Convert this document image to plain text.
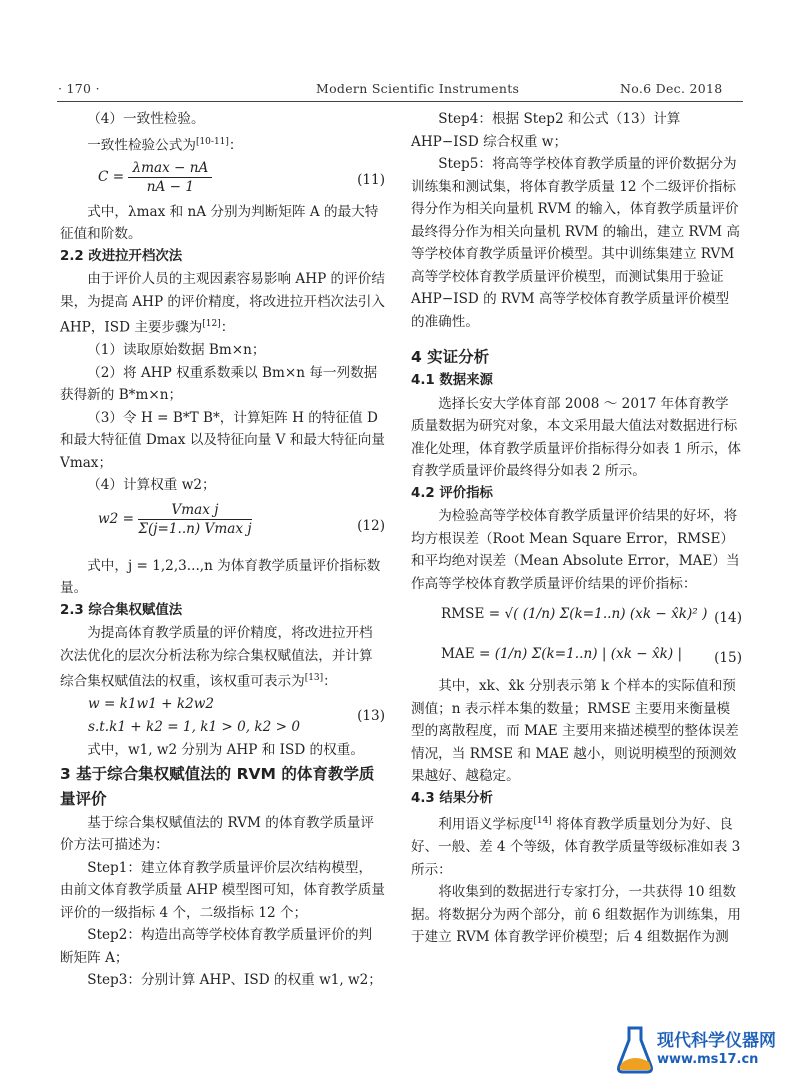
· 170 ·	Modern Scientific Instruments	No.6 Dec. 2018

（4）一致性检验。

一致性检验公式为[10-11]：

$C = \frac{\lambda\max - nA}{nA - 1}$	(11)

式中，λmax 和 nA 分别为判断矩阵 A 的最大特征值和阶数。

2.2 改进拉开档次法

由于评价人员的主观因素容易影响 AHP 的评价结果，为提高 AHP 的评价精度，将改进拉开档次法引入 AHP，ISD 主要步骤为[12]：

（1）读取原始数据 Bm×n；

（2）将 AHP 权重系数乘以 Bm×n 每一列数据获得新的 B*m×n；

（3）令 H = B*T B*，计算矩阵 H 的特征值 D 和最大特征值 Dmax 以及特征向量 V 和最大特征向量 Vmax；

（4）计算权重 w2；

$w2 = \frac{\text{Vmax j}}{\text{Σ(j=1..n) Vmax j}}$	(12)

式中，j = 1,2,3...,n 为体育教学质量评价指标数量。

2.3 综合集权赋值法

为提高体育教学质量的评价精度，将改进拉开档次法优化的层次分析法称为综合集权赋值法，并计算综合集权赋值法的权重，该权重可表示为[13]：

w = k1w1 + k2w2
s.t.k1 + k2 = 1, k1 > 0, k2 > 0
(13)

式中，w1, w2 分别为 AHP 和 ISD 的权重。

3 基于综合集权赋值法的 RVM 的体育教学质量评价

基于综合集权赋值法的 RVM 的体育教学质量评价方法可描述为：

Step1：建立体育教学质量评价层次结构模型，由前文体育教学质量 AHP 模型图可知，体育教学质量评价的一级指标 4 个，二级指标 12 个；

Step2：构造出高等学校体育教学质量评价的判断矩阵 A；

Step3：分别计算 AHP、ISD 的权重 w1, w2；

Step4：根据 Step2 和公式（13）计算 AHP−ISD 综合权重 w；

Step5：将高等学校体育教学质量的评价数据分为训练集和测试集，将体育教学质量 12 个二级评价指标得分作为相关向量机 RVM 的输入，体育教学质量评价最终得分作为相关向量机 RVM 的输出，建立 RVM 高等学校体育教学质量评价模型。其中训练集建立 RVM 高等学校体育教学质量评价模型，而测试集用于验证 AHP−ISD 的 RVM 高等学校体育教学质量评价模型的准确性。

4 实证分析

4.1 数据来源

选择长安大学体育部 2008 ～ 2017 年体育教学质量数据为研究对象，本文采用最大值法对数据进行标准化处理，体育教学质量评价指标得分如表 1 所示，体育教学质量评价最终得分如表 2 所示。

4.2 评价指标

为检验高等学校体育教学质量评价结果的好坏，将均方根误差（Root Mean Square Error，RMSE）和平均绝对误差（Mean Absolute Error，MAE）当作高等学校体育教学质量评价结果的评价指标：

RMSE = √( (1/n) Σ(k=1..n) (xk − x̂k)² ) (14)
MAE = (1/n) Σ(k=1..n) | (xk − x̂k) | (15)

其中，xk、x̂k 分别表示第 k 个样本的实际值和预测值；n 表示样本集的数量；RMSE 主要用来衡量模型的离散程度，而 MAE 主要用来描述模型的整体误差情况，当 RMSE 和 MAE 越小，则说明模型的预测效果越好、越稳定。

4.3 结果分析

利用语义学标度[14] 将体育教学质量划分为好、良好、一般、差 4 个等级，体育教学质量等级标准如表 3 所示：

将收集到的数据进行专家打分，一共获得 10 组数据。将数据分为两个部分，前 6 组数据作为训练集，用于建立 RVM 体育教学评价模型；后 4 组数据作为测

现代科学仪器网
www.ms17.cn
